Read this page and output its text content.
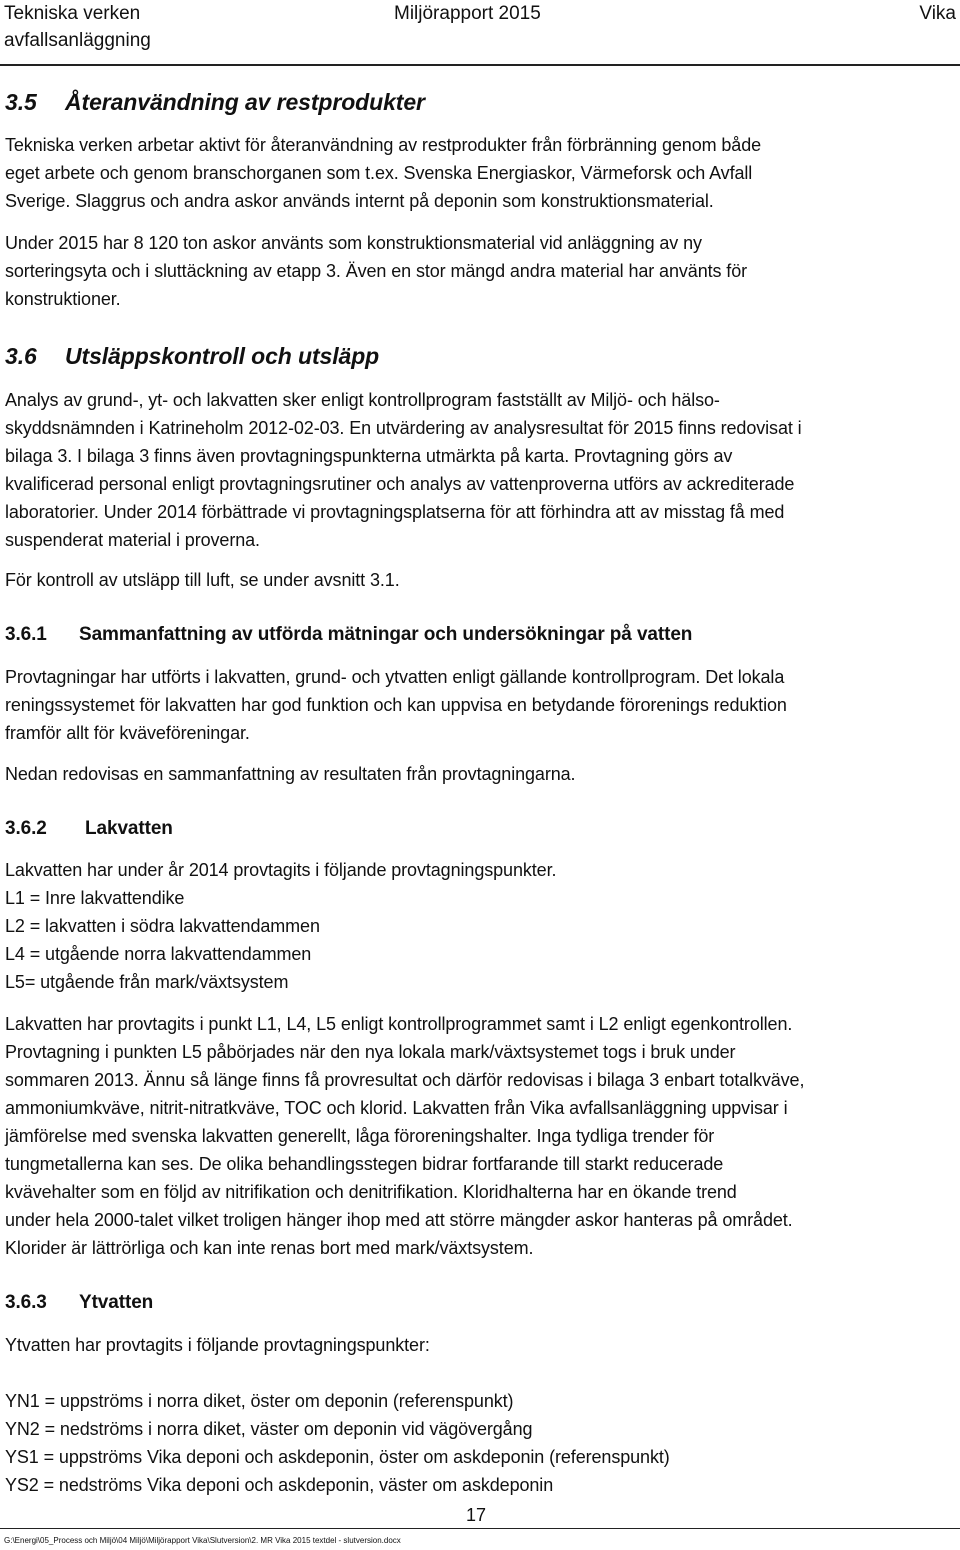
Tekniska verken
avfallsanläggning
Miljörapport 2015	Vika
3.5 Återanvändning av restprodukter

Tekniska verken arbetar aktivt för återanvändning av restprodukter från förbränning genom både

eget arbete och genom branschorganen som t.ex. Svenska Energiaskor, Värmeforsk och Avfall

Sverige. Slaggrus och andra askor används internt på deponin som konstruktionsmaterial.

Under 2015 har 8 120 ton askor använts som konstruktionsmaterial vid anläggning av ny

sorteringsyta och i sluttäckning av etapp 3. Även en stor mängd andra material har använts för

konstruktioner.

3.6 Utsläppskontroll och utsläpp

Analys av grund-, yt- och lakvatten sker enligt kontrollprogram fastställt av Miljö- och hälso-

skyddsnämnden i Katrineholm 2012-02-03. En utvärdering av analysresultat för 2015 finns redovisat i

bilaga 3. I bilaga 3 finns även provtagningspunkterna utmärkta på karta. Provtagning görs av

kvalificerad personal enligt provtagningsrutiner och analys av vattenproverna utförs av ackrediterade

laboratorier. Under 2014 förbättrade vi provtagningsplatserna för att förhindra att av misstag få med

suspenderat material i proverna.

För kontroll av utsläpp till luft, se under avsnitt 3.1.

3.6.1 Sammanfattning av utförda mätningar och undersökningar på vatten

Provtagningar har utförts i lakvatten, grund- och ytvatten enligt gällande kontrollprogram. Det lokala

reningssystemet för lakvatten har god funktion och kan uppvisa en betydande förorenings reduktion

framför allt för kväveföreningar.

Nedan redovisas en sammanfattning av resultaten från provtagningarna.

3.6.2 Lakvatten

Lakvatten har under år 2014 provtagits i följande provtagningspunkter.

L1 = Inre lakvattendike

L2 = lakvatten i södra lakvattendammen

L4 = utgående norra lakvattendammen

L5= utgående från mark/växtsystem

Lakvatten har provtagits i punkt L1, L4, L5 enligt kontrollprogrammet samt i L2 enligt egenkontrollen.

Provtagning i punkten L5 påbörjades när den nya lokala mark/växtsystemet togs i bruk under

sommaren 2013. Ännu så länge finns få provresultat och därför redovisas i bilaga 3 enbart totalkväve,

ammoniumkväve, nitrit-nitratkväve, TOC och klorid. Lakvatten från Vika avfallsanläggning uppvisar i

jämförelse med svenska lakvatten generellt, låga föroreningshalter. Inga tydliga trender för

tungmetallerna kan ses. De olika behandlingsstegen bidrar fortfarande till starkt reducerade

kvävehalter som en följd av nitrifikation och denitrifikation. Kloridhalterna har en ökande trend

under hela 2000-talet vilket troligen hänger ihop med att större mängder askor hanteras på området.

Klorider är lättrörliga och kan inte renas bort med mark/växtsystem.

3.6.3 Ytvatten

Ytvatten har provtagits i följande provtagningspunkter:

YN1 = uppströms i norra diket, öster om deponin (referenspunkt)

YN2 = nedströms i norra diket, väster om deponin vid vägövergång

YS1 = uppströms Vika deponi och askdeponin, öster om askdeponin (referenspunkt)

YS2 = nedströms Vika deponi och askdeponin, väster om askdeponin

17
G:\Energi\05_Process och Miljö\04 Miljö\Miljörapport Vika\Slutversion\2. MR Vika 2015 textdel - slutversion.docx
